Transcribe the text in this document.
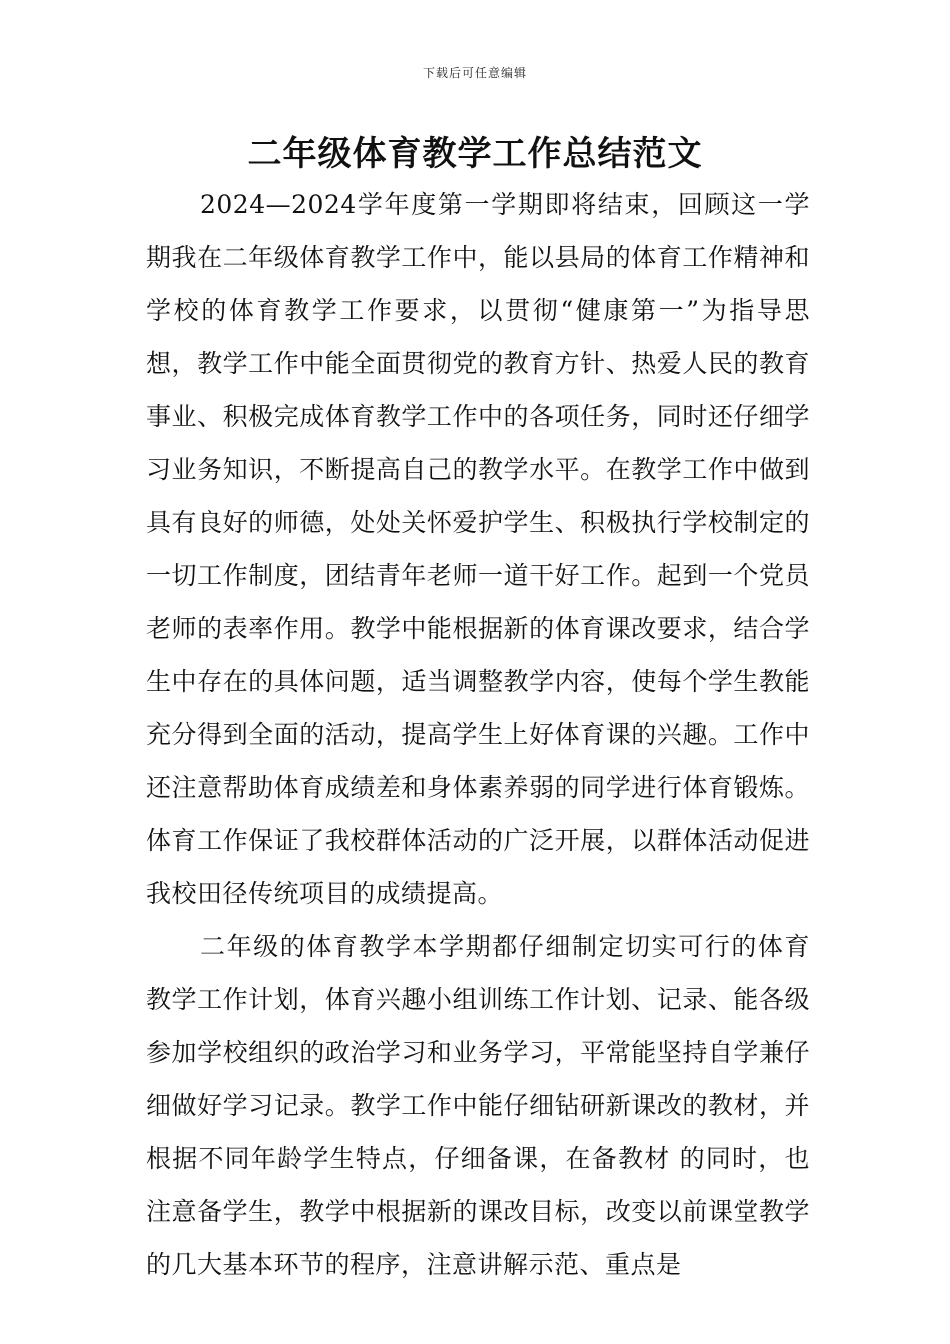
下载后可任意编辑
二年级体育教学工作总结范文

2024—2024学年度第一学期即将结束，回顾这一学期我在二年级体育教学工作中，能以县局的体育工作精神和学校的体育教学工作要求，以贯彻“健康第一”为指导思想，教学工作中能全面贯彻党的教育方针、热爱人民的教育事业、积极完成体育教学工作中的各项任务，同时还仔细学习业务知识，不断提高自己的教学水平。在教学工作中做到具有良好的师德，处处关怀爱护学生、积极执行学校制定的一切工作制度，团结青年老师一道干好工作。起到一个党员老师的表率作用。教学中能根据新的体育课改要求，结合学生中存在的具体问题，适当调整教学内容，使每个学生教能充分得到全面的活动，提高学生上好体育课的兴趣。工作中还注意帮助体育成绩差和身体素养弱的同学进行体育锻炼。体育工作保证了我校群体活动的广泛开展，以群体活动促进我校田径传统项目的成绩提高。

二年级的体育教学本学期都仔细制定切实可行的体育教学工作计划，体育兴趣小组训练工作计划、记录、能各级参加学校组织的政治学习和业务学习，平常能坚持自学兼仔细做好学习记录。教学工作中能仔细钻研新课改的教材，并根据不同年龄学生特点，仔细备课，在备教材 的同时，也注意备学生，教学中根据新的课改目标，改变以前课堂教学的几大基本环节的程序，注意讲解示范、重点是
